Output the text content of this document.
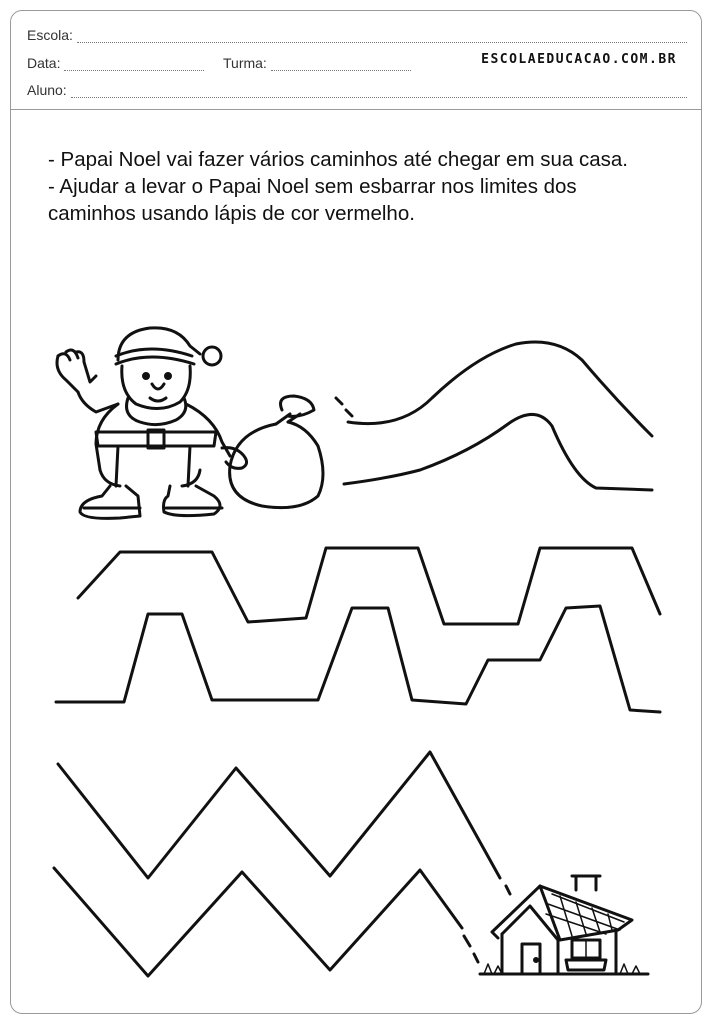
Escola:
Data:	Turma:	ESCOLAEDUCACAO.COM.BR
Aluno:

- Papai Noel vai fazer vários caminhos até chegar em sua casa.

- Ajudar a levar o Papai Noel sem esbarrar nos limites dos caminhos usando lápis de cor vermelho.
